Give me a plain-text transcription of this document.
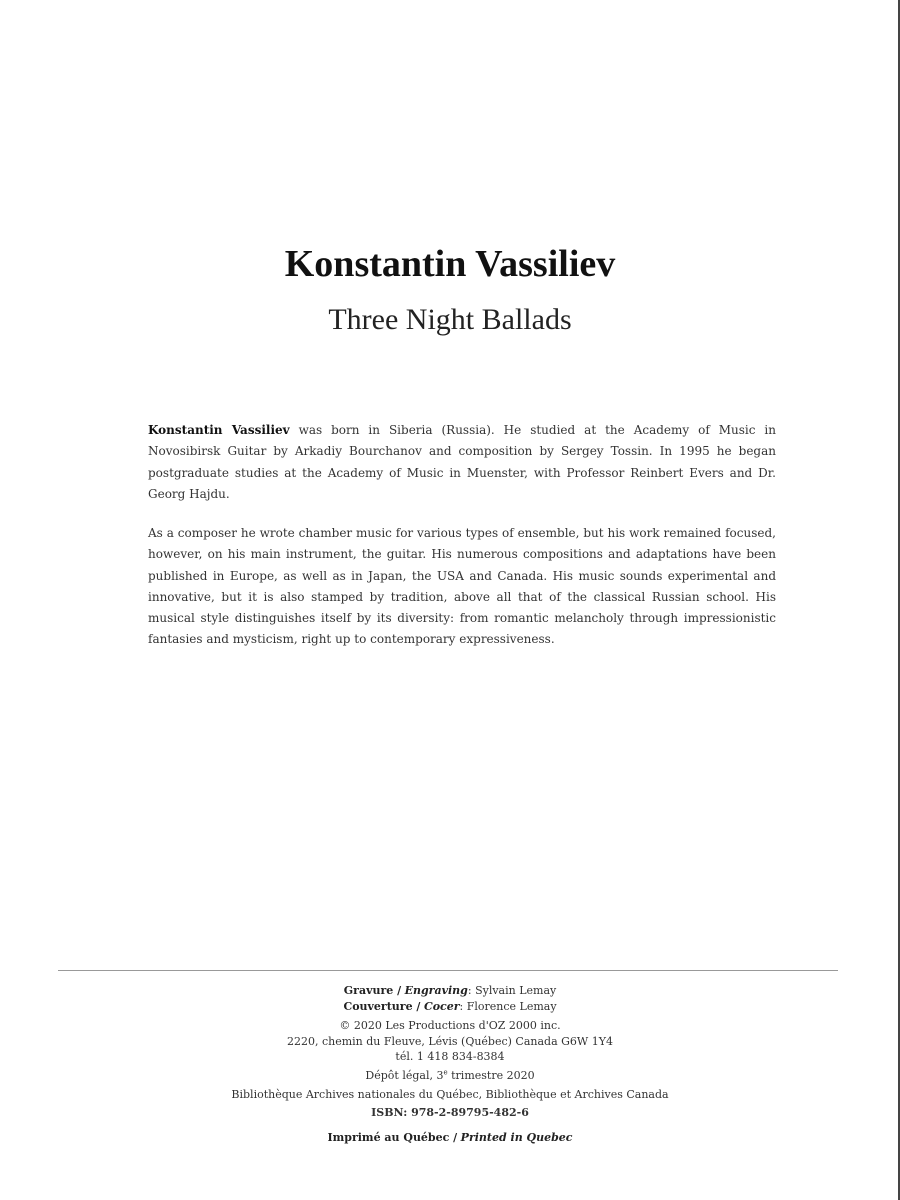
Konstantin Vassiliev
Three Night Ballads
Konstantin Vassiliev was born in Siberia (Russia). He studied at the Academy of Music in Novosibirsk Guitar by Arkadiy Bourchanov and composition by Sergey Tossin. In 1995 he began postgraduate studies at the Academy of Music in Muenster, with Professor Reinbert Evers and Dr. Georg Hajdu.
As a composer he wrote chamber music for various types of ensemble, but his work remained focused, however, on his main instrument, the guitar. His numerous compositions and adaptations have been published in Europe, as well as in Japan, the USA and Canada. His music sounds experimental and innovative, but it is also stamped by tradition, above all that of the classical Russian school. His musical style distinguishes itself by its diversity: from romantic melancholy through impressionistic fantasies and mysticism, right up to contemporary expressiveness.
Gravure / Engraving: Sylvain Lemay
Couverture / Cocer: Florence Lemay
© 2020 Les Productions d'OZ 2000 inc.
2220, chemin du Fleuve, Lévis (Québec) Canada G6W 1Y4
tél. 1 418 834-8384
Dépôt légal, 3e trimestre 2020
Bibliothèque Archives nationales du Québec, Bibliothèque et Archives Canada
ISBN: 978-2-89795-482-6
Imprimé au Québec / Printed in Quebec
